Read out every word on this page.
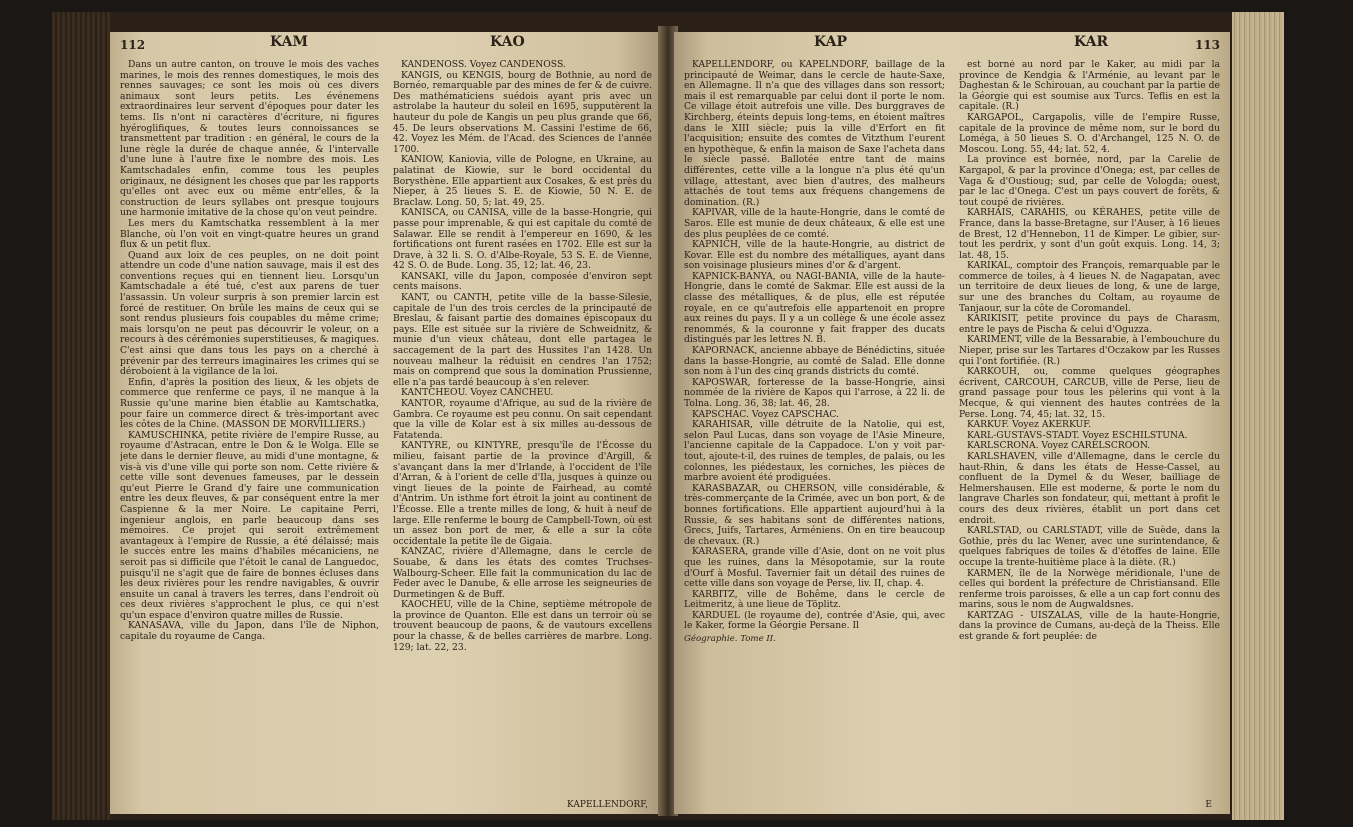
112	KAM	KAO

Dans un autre canton, on trouve le mois des vaches marines, le mois des rennes domestiques, le mois des rennes sauvages; ce sont les mois où ces divers animaux sont leurs petits. Les événemens extraordinaires leur servent d'époques pour dater les tems. Ils n'ont ni caractères d'écriture, ni figures hyéroglifiques, & toutes leurs connoissances se transmettent par tradition : en général, le cours de la lune règle la durée de chaque année, & l'intervalle d'une lune à l'autre fixe le nombre des mois. Les Kamtschadales enfin, comme tous les peuples originaux, ne désignent les choses que par les rapports qu'elles ont avec eux ou même entr'elles, & la construction de leurs syllabes ont presque toujours une harmonie imitative de la chose qu'on veut peindre.

Les mers du Kamtschatka ressemblent à la mer Blanche, où l'on voit en vingt-quatre heures un grand flux & un petit flux.

Quand aux loix de ces peuples, on ne doit point attendre un code d'une nation sauvage, mais il est des conventions reçues qui en tiennent lieu. Lorsqu'un Kamtschadale a été tué, c'est aux parens de tuer l'assassin. Un voleur surpris à son premier larcin est forcé de restituer. On brûle les mains de ceux qui se sont rendus plusieurs fois coupables du même crime; mais lorsqu'on ne peut pas découvrir le voleur, on a recours à des cérémonies superstitieuses, & magiques. C'est ainsi que dans tous les pays on a cherché à prévenir par des terreurs imaginaires les crimes qui se déroboient à la vigilance de la loi.

Enfin, d'après la position des lieux, & les objets de commerce que renferme ce pays, il ne manque à la Russie qu'une marine bien établie au Kamtschatka, pour faire un commerce direct & très-important avec les côtes de la Chine. (MASSON DE MORVILLIERS.)

KAMUSCHINKA, petite rivière de l'empire Russe, au royaume d'Astracan, entre le Don & le Wolga. Elle se jete dans le dernier fleuve, au midi d'une montagne, & vis-à vis d'une ville qui porte son nom. Cette rivière & cette ville sont devenues fameuses, par le dessein qu'eut Pierre le Grand d'y faire une communication entre les deux fleuves, & par conséquent entre la mer Caspienne & la mer Noire. Le capitaine Perri, ingenieur anglois, en parle beaucoup dans ses mémoires. Ce projet qui seroit extrêmement avantageux à l'empire de Russie, a été délaissé; mais le succès entre les mains d'habiles mécaniciens, ne seroit pas si difficile que l'étoit le canal de Languedoc, puisqu'il ne s'agit que de faire de bonnes écluses dans les deux rivières pour les rendre navigables, & ouvrir ensuite un canal à travers les terres, dans l'endroit où ces deux rivières s'approchent le plus, ce qui n'est qu'un espace d'environ quatre milles de Russie.

KANASAVA, ville du Japon, dans l'île de Niphon, capitale du royaume de Canga.

KANDENOSS. Voyez CANDENOSS.

KANGIS, ou KENGIS, bourg de Bothnie, au nord de Bornéo, remarquable par des mines de fer & de cuivre. Des mathématiciens suédois ayant pris avec un astrolabe la hauteur du soleil en 1695, supputèrent la hauteur du pole de Kangis un peu plus grande que 66, 45. De leurs observations M. Cassini l'estime de 66, 42. Voyez les Mém. de l'Acad. des Sciences de l'année 1700.

KANIOW, Kaniovia, ville de Pologne, en Ukraine, au palatinat de Kiowie, sur le bord occidental du Borysthène. Elle appartient aux Cosakes, & est près du Nieper, à 25 lieues S. E. de Kiowie, 50 N. E. de Braclaw. Long. 50, 5; lat. 49, 25.

KANISCA, ou CANISA, ville de la basse-Hongrie, qui passe pour imprenable, & qui est capitale du comté de Salawar. Elle se rendit à l'empereur en 1690, & les fortifications ont furent rasées en 1702. Elle est sur la Drave, à 32 li. S. O. d'Albe-Royale, 53 S. E. de Vienne, 42 S. O. de Bude. Long. 35, 12; lat. 46, 23.

KANSAKI, ville du Japon, composée d'environ sept cents maisons.

KANT, ou CANTH, petite ville de la basse-Silesie, capitale de l'un des trois cercles de la principauté de Breslau, & faisant partie des domaines épiscopaux du pays. Elle est située sur la rivière de Schweidnitz, & munie d'un vieux château, dont elle partagea le saccagement de la part des Hussites l'an 1428. Un nouveau malheur la réduisit en cendres l'an 1752; mais on comprend que sous la domination Prussienne, elle n'a pas tardé beaucoup à s'en relever.

KANTCHEOU. Voyez CANCHEU.

KANTOR, royaume d'Afrique, au sud de la rivière de Gambra. Ce royaume est peu connu. On sait cependant que la ville de Kolar est à six milles au-dessous de Fatatenda.

KANTYRE, ou KINTYRE, presqu'île de l'Écosse du milieu, faisant partie de la province d'Argill, & s'avançant dans la mer d'Irlande, à l'occident de l'île d'Arran, & à l'orient de celle d'Ila, jusques à quinze ou vingt lieues de la pointe de Fairhead, au comté d'Antrim. Un isthme fort étroit la joint au continent de l'Écosse. Elle a trente milles de long, & huit à neuf de large. Elle renferme le bourg de Campbell-Town, où est un assez bon port de mer, & elle a sur la côte occidentale la petite île de Gigaia.

KANZAC, rivière d'Allemagne, dans le cercle de Souabe, & dans les états des comtes Truchses-Walbourg-Scheer. Elle fait la communication du lac de Feder avec le Danube, & elle arrose les seigneuries de Durmetingen & de Buff.

KAOCHEU, ville de la Chine, septième métropole de la province de Quanton. Elle est dans un terroir où se trouvent beaucoup de paons, & de vautours excellens pour la chasse, & de belles carrières de marbre. Long. 129; lat. 22, 23.

KAPELLENDORF,
KAP	KAR	113

KAPELLENDORF, ou KAPELNDORF, baillage de la principauté de Weimar, dans le cercle de haute-Saxe, en Allemagne. Il n'a que des villages dans son ressort; mais il est remarquable par celui dont il porte le nom. Ce village étoit autrefois une ville. Des burggraves de Kirchberg, éteints depuis long-tems, en étoient maîtres dans le XIII siècle; puis la ville d'Erfort en fit l'acquisition; ensuite des comtes de Vitzthum l'eurent en hypothèque, & enfin la maison de Saxe l'acheta dans le siècle passé. Ballotée entre tant de mains différentes, cette ville a la longue n'a plus été qu'un village, attestant, avec bien d'autres, des malheurs attachés de tout tems aux fréquens changemens de domination. (R.)

KAPIVAR, ville de la haute-Hongrie, dans le comté de Saros. Elle est munie de deux châteaux, & elle est une des plus peuplées de ce comté.

KAPNICH, ville de la haute-Hongrie, au district de Kovar. Elle est du nombre des métalliques, ayant dans son voisinage plusieurs mines d'or & d'argent.

KAPNICK-BANYA, ou NAGI-BANIA, ville de la haute-Hongrie, dans le comté de Sakmar. Elle est aussi de la classe des métalliques, & de plus, elle est réputée royale, en ce qu'autrefois elle appartenoit en propre aux reines du pays. Il y a un collège & une école assez renommés, & la couronne y fait frapper des ducats distingués par les lettres N. B.

KAPORNACK, ancienne abbaye de Bénédictins, située dans la basse-Hongrie, au comté de Salad. Elle donne son nom à l'un des cinq grands districts du comté.

KAPOSWAR, forteresse de la basse-Hongrie, ainsi nommée de la rivière de Kapos qui l'arrose, à 22 li. de Tolna. Long. 36, 38; lat. 46, 28.

KAPSCHAC. Voyez CAPSCHAC.

KARAHISAR, ville détruite de la Natolie, qui est, selon Paul Lucas, dans son voyage de l'Asie Mineure, l'ancienne capitale de la Cappadoce. L'on y voit par-tout, ajoute-t-il, des ruines de temples, de palais, ou les colonnes, les piédestaux, les corniches, les pièces de marbre avoient été prodiguées.

KARASBAZAR, ou CHERSON, ville considérable, & très-commerçante de la Crimée, avec un bon port, & de bonnes fortifications. Elle appartient aujourd'hui à la Russie, & ses habitans sont de différentes nations, Grecs, Juifs, Tartares, Arméniens. On en tire beaucoup de chevaux. (R.)

KARASERA, grande ville d'Asie, dont on ne voit plus que les ruines, dans la Mésopotamie, sur la route d'Ourf à Mosful. Tavernier fait un détail des ruines de cette ville dans son voyage de Perse, liv. II, chap. 4.

KARBITZ, ville de Bohême, dans le cercle de Leitmeritz, à une lieue de Töplitz.

KARDUEL (le royaume de), contrée d'Asie, qui, avec le Kaker, forme la Géorgie Persane. Il

Géographie. Tome II.

est borné au nord par le Kaker, au midi par la province de Kendgia & l'Arménie, au levant par le Daghestan & le Schirouan, au couchant par la partie de la Géorgie qui est soumise aux Turcs. Teflis en est la capitale. (R.)

KARGAPOL, Cargapolis, ville de l'empire Russe, capitale de la province de même nom, sur le bord du Loméga, à 50 lieues S. O. d'Archangel, 125 N. O. de Moscou. Long. 55, 44; lat. 52, 4.

La province est bornée, nord, par la Carelie de Kargapol, & par la province d'Onega; est, par celles de Vaga & d'Oustioug; sud, par celle de Vologda; ouest, par le lac d'Onega. C'est un pays couvert de forêts, & tout coupé de rivières.

KARHAIS, CARAHIS, ou KÉRAHES, petite ville de France, dans la basse-Bretagne, sur l'Auser, à 16 lieues de Brest, 12 d'Hennebon, 11 de Kimper. Le gibier, sur-tout les perdrix, y sont d'un goût exquis. Long. 14, 3; lat. 48, 15.

KARIKAL, comptoir des François, remarquable par le commerce de toiles, à 4 lieues N. de Nagapatan, avec un territoire de deux lieues de long, & une de large, sur une des branches du Coltam, au royaume de Tanjaour, sur la côte de Coromandel.

KARIKISIT, petite province du pays de Charasm, entre le pays de Pischa & celui d'Oguzza.

KARIMENT, ville de la Bessarabie, à l'embouchure du Nieper, prise sur les Tartares d'Oczakow par les Russes qui l'ont fortifiée. (R.)

KARKOUH, ou, comme quelques géographes écrivent, CARCOUH, CARCUB, ville de Perse, lieu de grand passage pour tous les pèlerins qui vont à la Mecque, & qui viennent des hautes contrées de la Perse. Long. 74, 45; lat. 32, 15.

KARKUF. Voyez AKERKUF.

KARL-GUSTAVS-STADT. Voyez ESCHILSTUNA.

KARLSCRONA. Voyez CARELSCROON.

KARLSHAVEN, ville d'Allemagne, dans le cercle du haut-Rhin, & dans les états de Hesse-Cassel, au confluent de la Dymel & du Weser, bailliage de Helmershausen. Elle est moderne, & porte le nom du langrave Charles son fondateur, qui, mettant à profit le cours des deux rivières, établit un port dans cet endroit.

KARLSTAD, ou CARLSTADT, ville de Suède, dans la Gothie, près du lac Wener, avec une surintendance, & quelques fabriques de toiles & d'étoffes de laine. Elle occupe la trente-huitième place à la diète. (R.)

KARMEN, île de la Norwège méridionale, l'une de celles qui bordent la préfecture de Christiansand. Elle renferme trois paroisses, & elle a un cap fort connu des marins, sous le nom de Augwaldsnes.

KARTZAG - UISZALAS, ville de la haute-Hongrie, dans la province de Cumans, au-deçà de la Theiss. Elle est grande & fort peuplée: de

E
